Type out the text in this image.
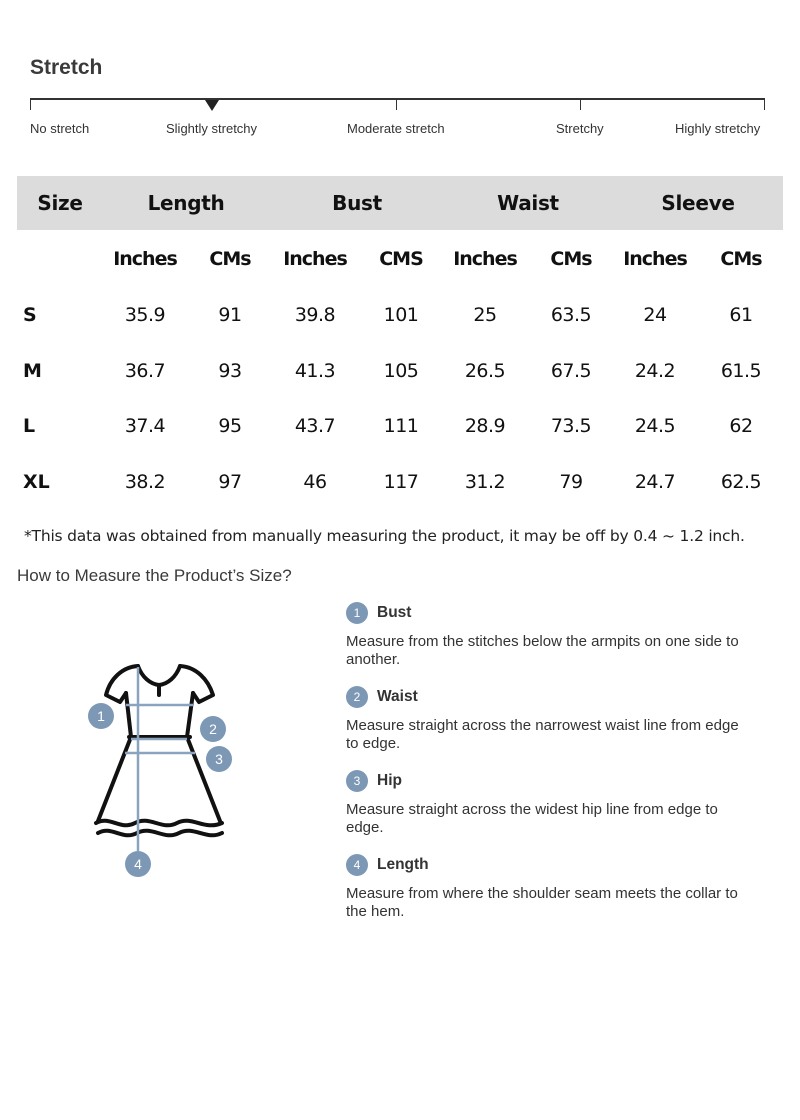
Stretch
No stretch	Slightly stretchy	Moderate stretch	Stretchy	Highly stretchy
Size	Length	Bust	Waist	Sleeve
Inches	CMs	Inches	CMS	Inches	CMs	Inches	CMs
S	35.9	91	39.8	101	25	63.5	24	61
M	36.7	93	41.3	105	26.5	67.5	24.2	61.5
L	37.4	95	43.7	111	28.9	73.5	24.5	62
XL	38.2	97	46	117	31.2	79	24.7	62.5
*This data was obtained from manually measuring the product, it may be off by 0.4 ~ 1.2 inch.
How to Measure the Product’s Size?
1
2
3
4
1	Bust
Measure from the stitches below the armpits on one side to another.
2	Waist
Measure straight across the narrowest waist line from edge to edge.
3	Hip
Measure straight across the widest hip line from edge to edge.
4	Length
Measure from where the shoulder seam meets the collar to the hem.
